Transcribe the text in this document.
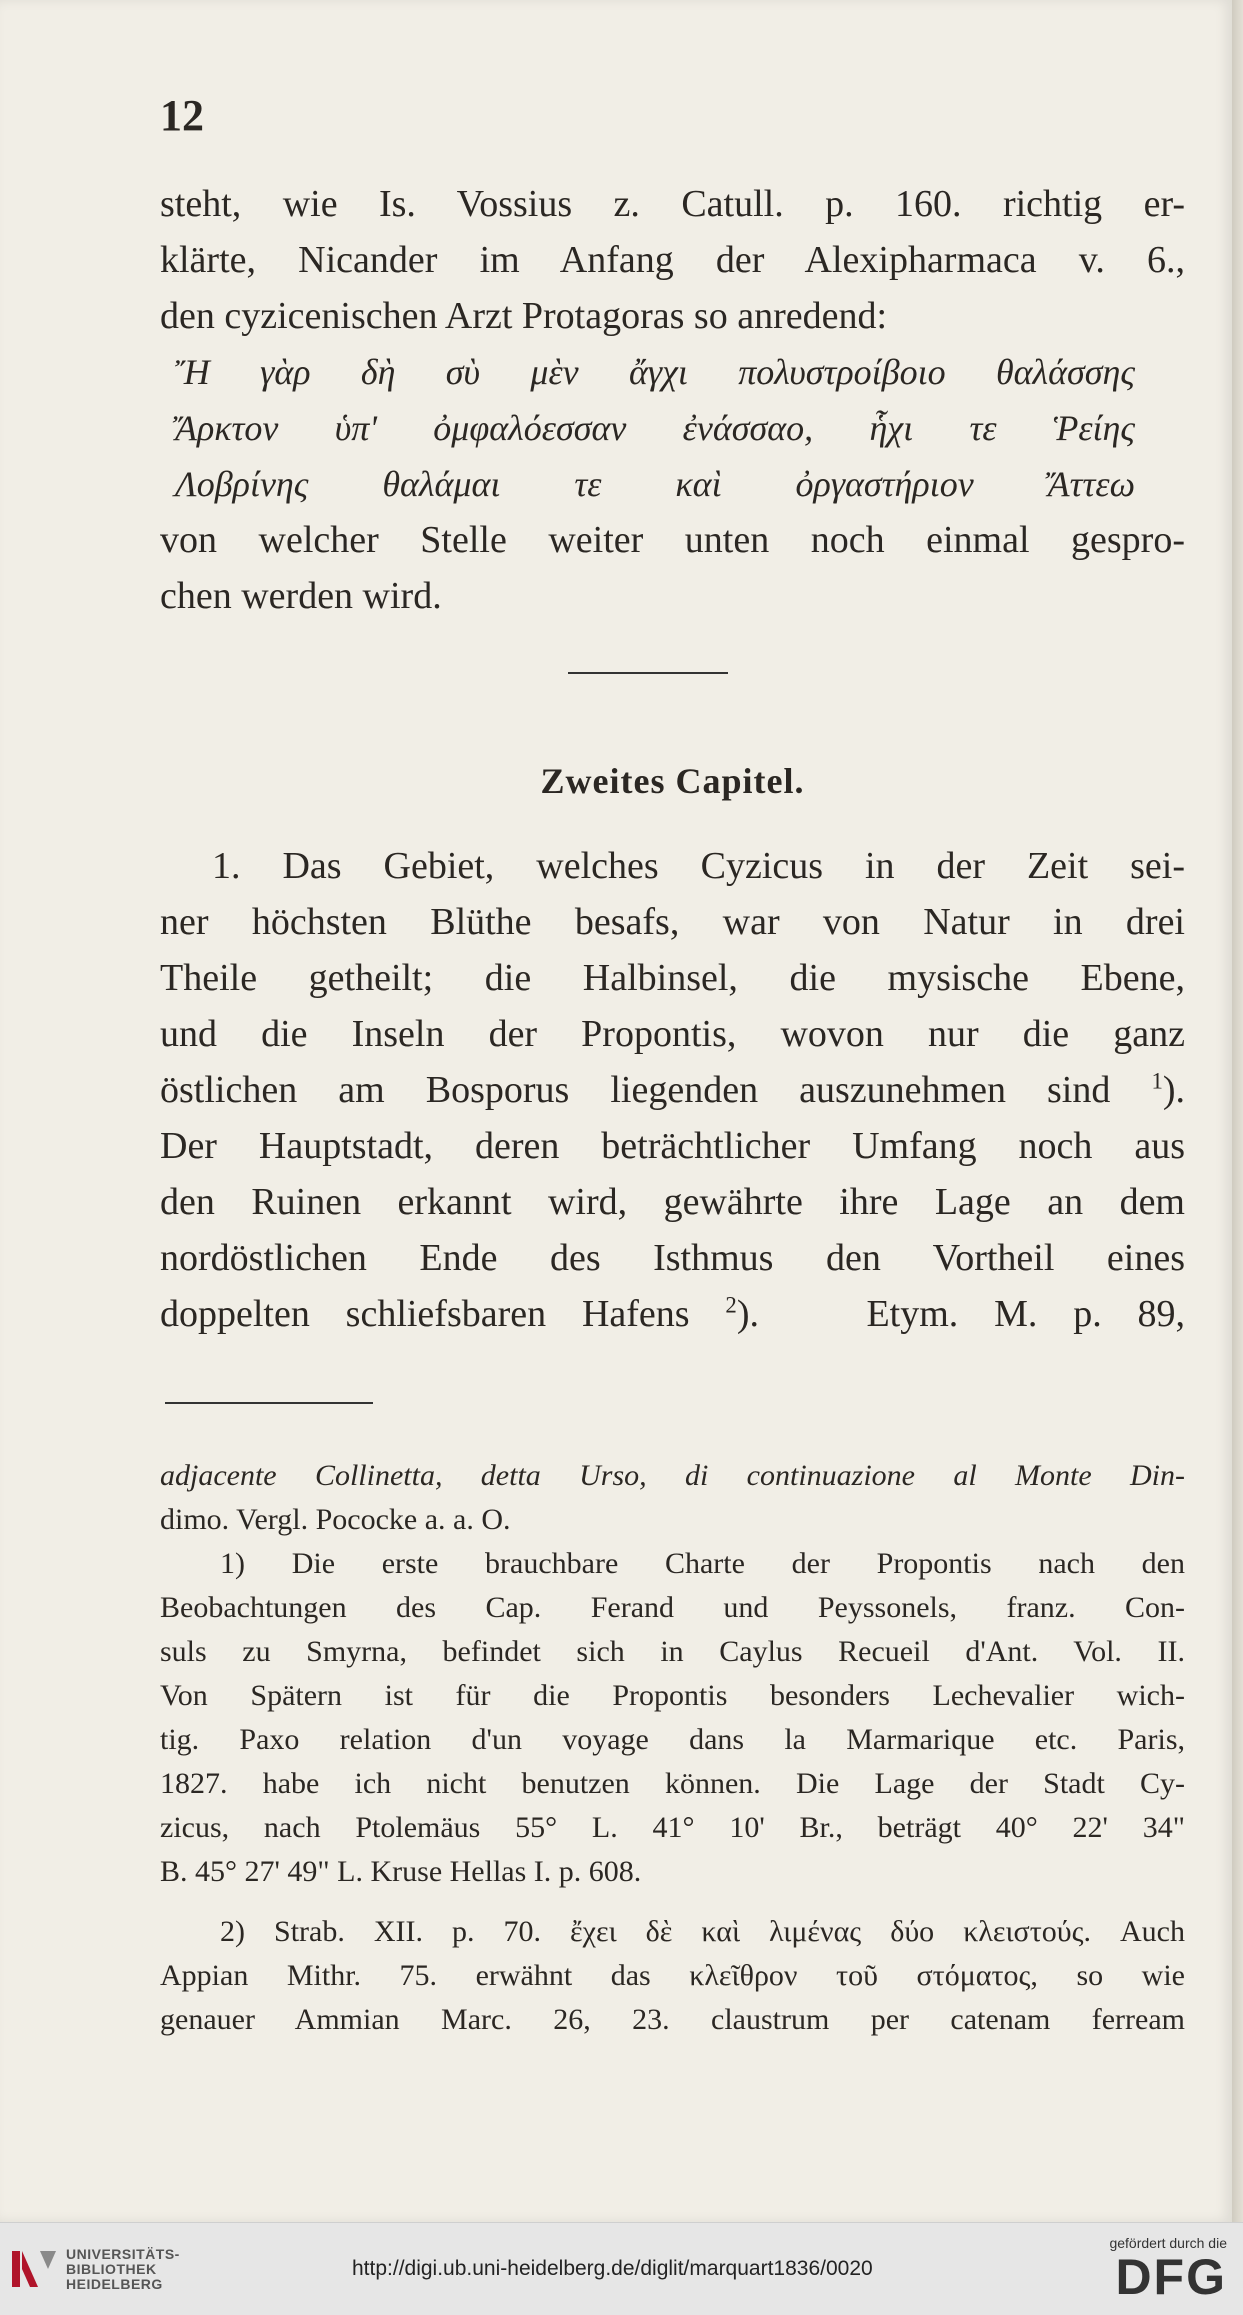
12
steht, wie Is. Vossius z. Catull. p. 160. richtig er-
klärte, Nicander im Anfang der Alexipharmaca v. 6.,
den cyzicenischen Arzt Protagoras so anredend:
Ἤ γὰρ δὴ σὺ μὲν ἄγχι πολυστροίβοιο θαλάσσης
Ἄρκτον ὑπ' ὀμφαλόεσσαν ἐνάσσαο, ἧχι τε Ῥείης
Λοβρίνης θαλάμαι τε καὶ ὀργαστήριον Ἄττεω
von welcher Stelle weiter unten noch einmal gespro-
chen werden wird.
Zweites Capitel.
1. Das Gebiet, welches Cyzicus in der Zeit sei-
ner höchsten Blüthe besafs, war von Natur in drei
Theile getheilt; die Halbinsel, die mysische Ebene,
und die Inseln der Propontis, wovon nur die ganz
östlichen am Bosporus liegenden auszunehmen sind $^1$).
Der Hauptstadt, deren beträchtlicher Umfang noch aus
den Ruinen erkannt wird, gewährte ihre Lage an dem
nordöstlichen Ende des Isthmus den Vortheil eines
doppelten schliefsbaren Hafens $^2$).   Etym. M. p. 89,
adjacente Collinetta, detta Urso, di continuazione al Monte Din-
dimo. Vergl. Pococke a. a. O.
1) Die erste brauchbare Charte der Propontis nach den
Beobachtungen des Cap. Ferand und Peyssonels, franz. Con-
suls zu Smyrna, befindet sich in Caylus Recueil d'Ant. Vol. II.
Von Spätern ist für die Propontis besonders Lechevalier wich-
tig. Paxo relation d'un voyage dans la Marmarique etc. Paris,
1827. habe ich nicht benutzen können. Die Lage der Stadt Cy-
zicus, nach Ptolemäus 55° L. 41° 10' Br., beträgt 40° 22' 34"
B. 45° 27' 49" L. Kruse Hellas I. p. 608.
2) Strab. XII. p. 70. ἔχει δὲ καὶ λιμένας δύο κλειστούς. Auch
Appian Mithr. 75. erwähnt das κλεῖθρον τοῦ στόματος, so wie
genauer Ammian Marc. 26, 23. claustrum per catenam ferream
UNIVERSITÄTS-
BIBLIOTHEK
HEIDELBERG
http://digi.ub.uni-heidelberg.de/diglit/marquart1836/0020
gefördert durch die
DFG
